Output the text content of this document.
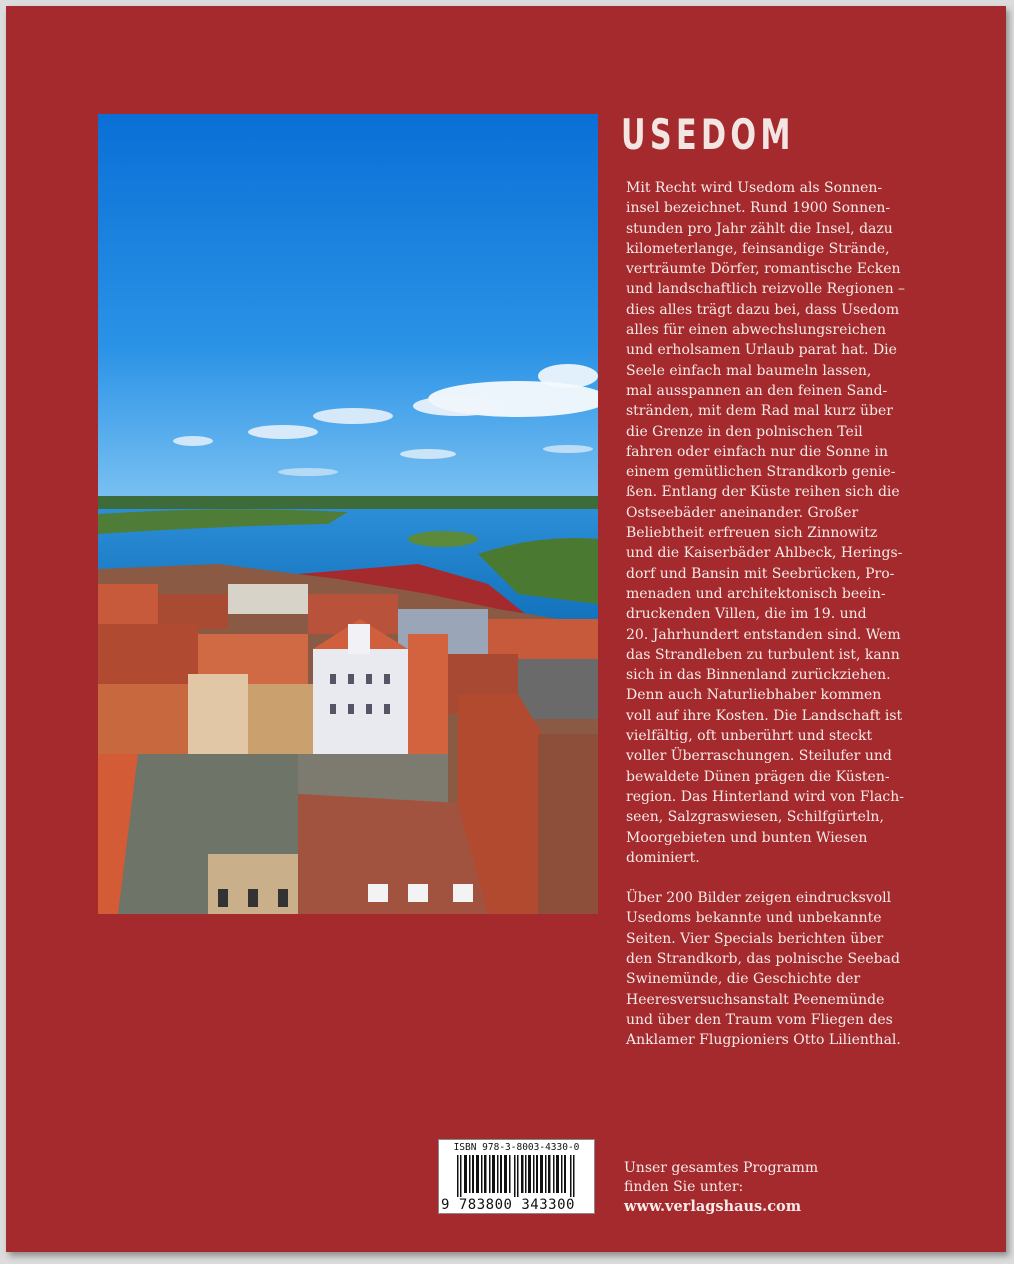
USEDOM

Mit Recht wird Usedom als Sonnen-
insel bezeichnet. Rund 1900 Sonnen-
stunden pro Jahr zählt die Insel, dazu
kilometerlange, feinsandige Strände,
verträumte Dörfer, romantische Ecken
und landschaftlich reizvolle Regionen –
dies alles trägt dazu bei, dass Usedom
alles für einen abwechslungsreichen
und erholsamen Urlaub parat hat. Die
Seele einfach mal baumeln lassen,
mal ausspannen an den feinen Sand-
stränden, mit dem Rad mal kurz über
die Grenze in den polnischen Teil
fahren oder einfach nur die Sonne in
einem gemütlichen Strandkorb genie-
ßen. Entlang der Küste reihen sich die
Ostseebäder aneinander. Großer
Beliebtheit erfreuen sich Zinnowitz
und die Kaiserbäder Ahlbeck, Herings-
dorf und Bansin mit Seebrücken, Pro-
menaden und architektonisch beein-
druckenden Villen, die im 19. und
20. Jahrhundert entstanden sind. Wem
das Strandleben zu turbulent ist, kann
sich in das Binnenland zurückziehen.
Denn auch Naturliebhaber kommen
voll auf ihre Kosten. Die Landschaft ist
vielfältig, oft unberührt und steckt
voller Überraschungen. Steilufer und
bewaldete Dünen prägen die Küsten-
region. Das Hinterland wird von Flach-
seen, Salzgraswiesen, Schilfgürteln,
Moorgebieten und bunten Wiesen
dominiert.

Über 200 Bilder zeigen eindrucksvoll
Usedoms bekannte und unbekannte
Seiten. Vier Specials berichten über
den Strandkorb, das polnische Seebad
Swinemünde, die Geschichte der
Heeresversuchsanstalt Peenemünde
und über den Traum vom Fliegen des
Anklamer Flugpioniers Otto Lilienthal.

ISBN 978-3-8003-4330-0
9 783800 343300
Unser gesamtes Programm
finden Sie unter:
www.verlagshaus.com
